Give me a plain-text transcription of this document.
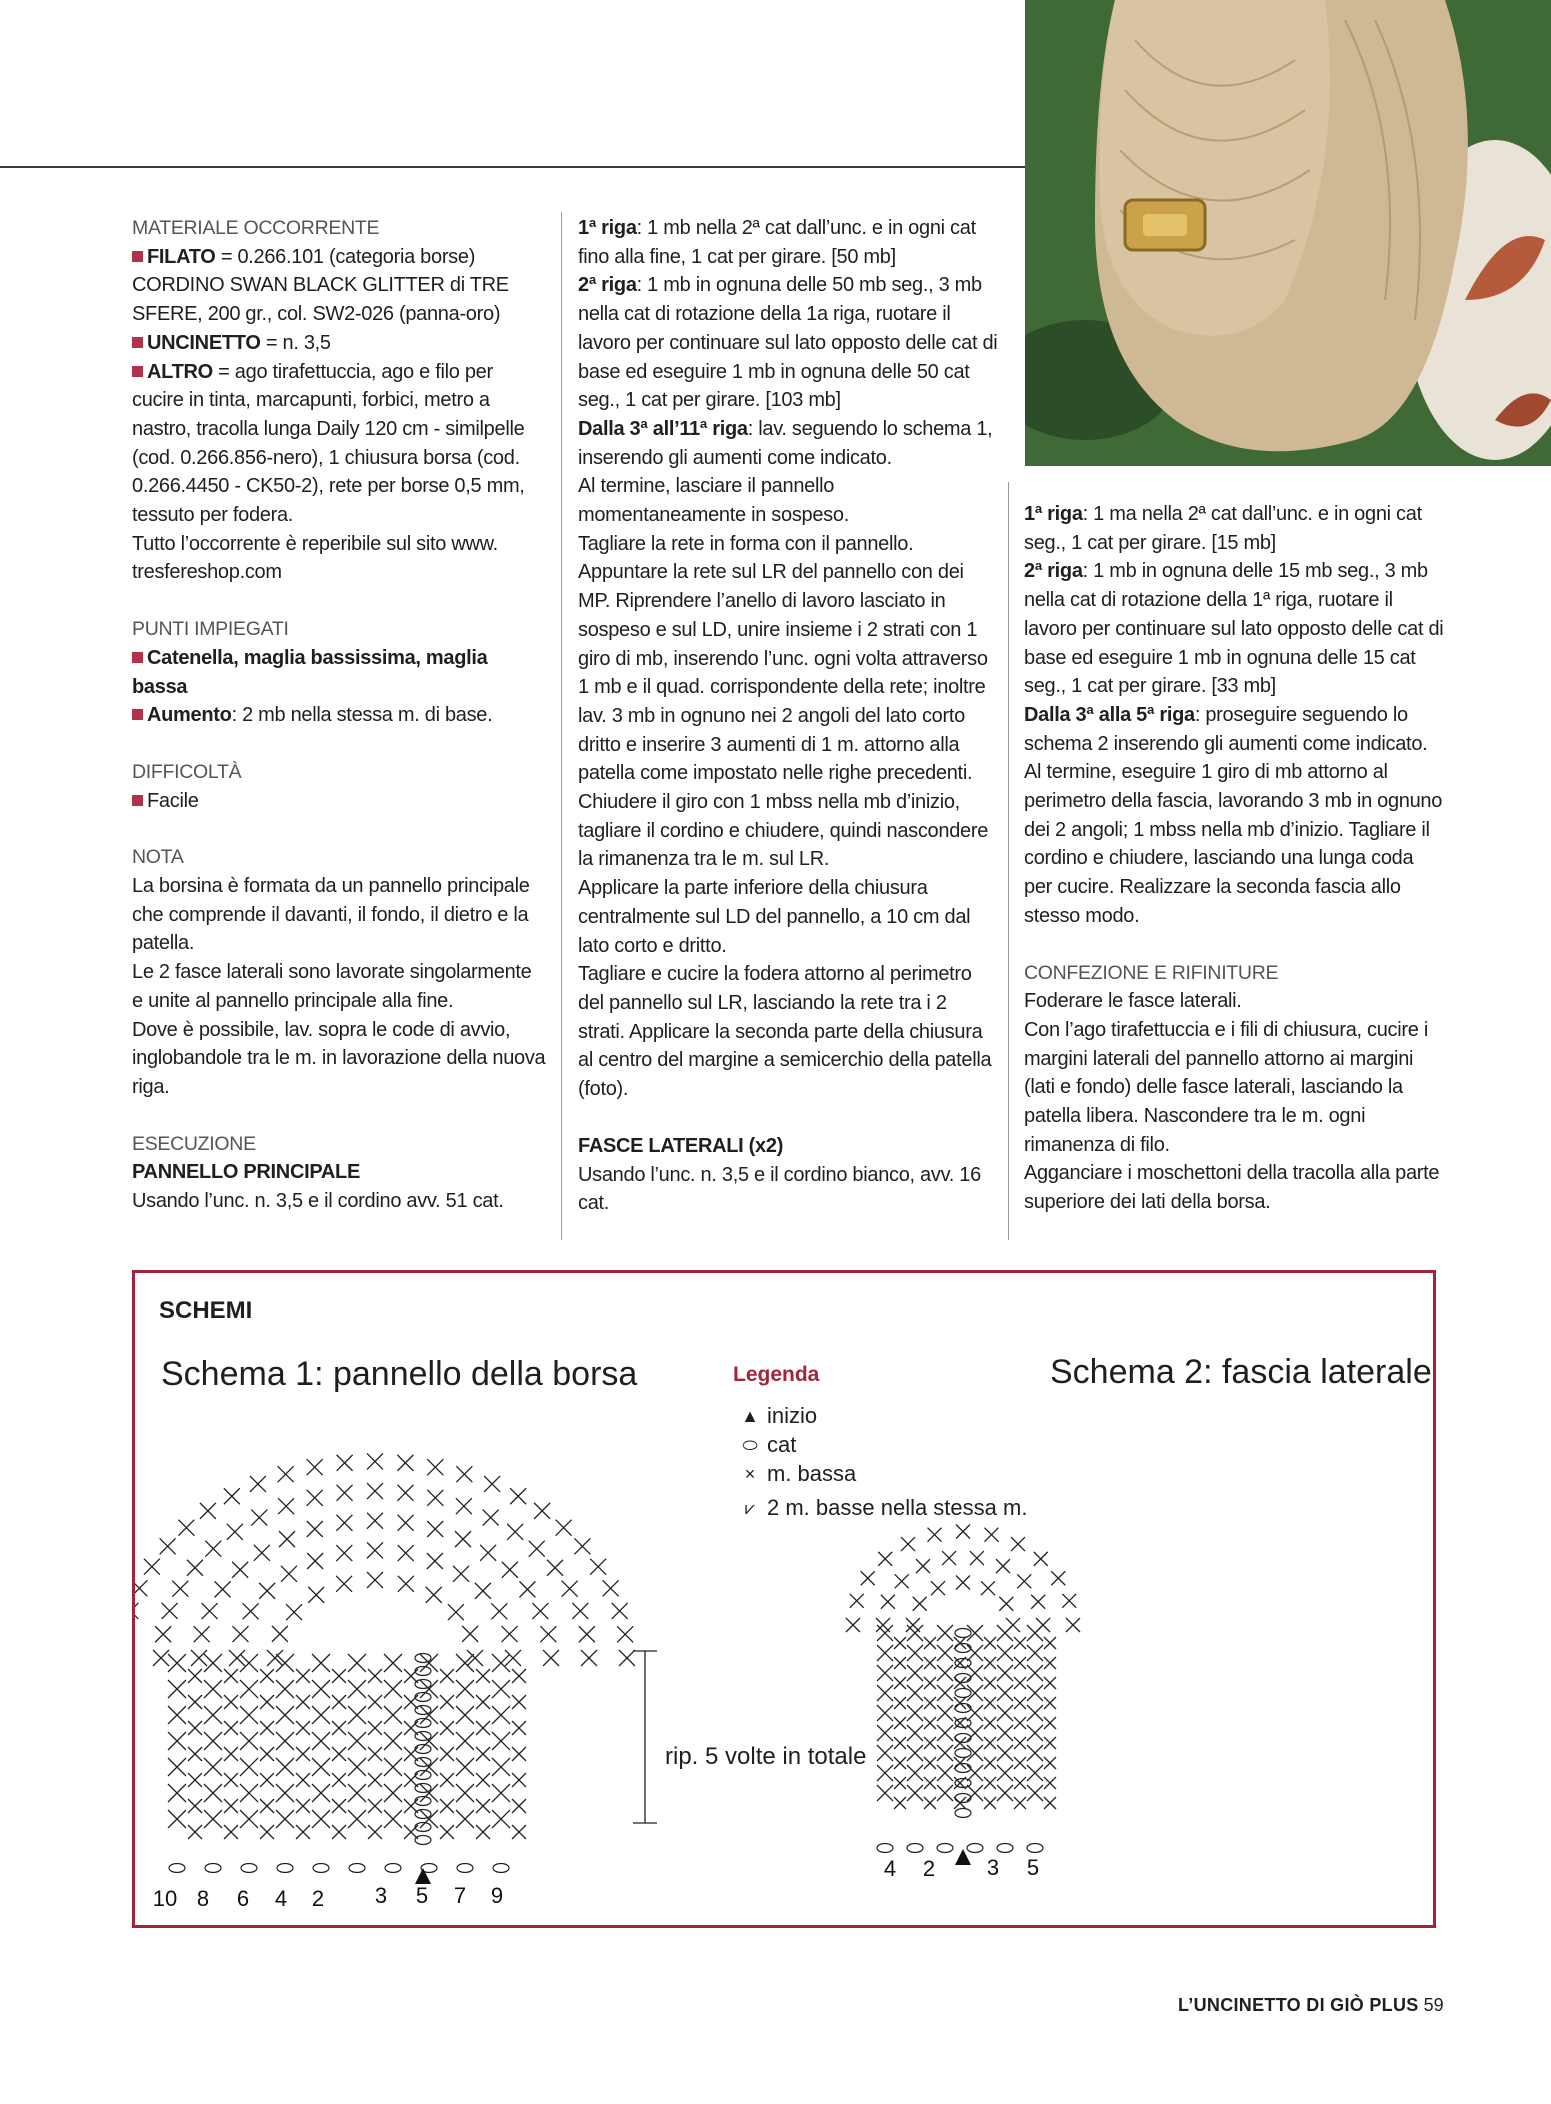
MATERIALE OCCORRENTE

FILATO = 0.266.101 (categoria borse) CORDINO SWAN BLACK GLITTER di TRE SFERE, 200 gr., col. SW2-026 (panna-oro)

UNCINETTO = n. 3,5

ALTRO = ago tirafettuccia, ago e filo per cucire in tinta, marcapunti, forbici, metro a nastro, tracolla lunga Daily 120 cm - similpelle (cod. 0.266.856-nero), 1 chiusura borsa (cod. 0.266.4450 - CK50-2), rete per borse 0,5 mm, tessuto per fodera.

Tutto l’occorrente è reperibile sul sito www. tresfereshop.com

PUNTI IMPIEGATI

Catenella, maglia bassissima, maglia bassa

Aumento: 2 mb nella stessa m. di base.

DIFFICOLTÀ

Facile

NOTA

La borsina è formata da un pannello principale che comprende il davanti, il fondo, il dietro e la patella.

Le 2 fasce laterali sono lavorate singolarmente e unite al pannello principale alla fine.

Dove è possibile, lav. sopra le code di avvio, inglobandole tra le m. in lavorazione della nuova riga.

ESECUZIONE

PANNELLO PRINCIPALE

Usando l’unc. n. 3,5 e il cordino avv. 51 cat.

1ª riga: 1 mb nella 2ª cat dall’unc. e in ogni cat fino alla fine, 1 cat per girare. [50 mb]

2ª riga: 1 mb in ognuna delle 50 mb seg., 3 mb nella cat di rotazione della 1a riga, ruotare il lavoro per continuare sul lato opposto delle cat di base ed eseguire 1 mb in ognuna delle 50 cat seg., 1 cat per girare. [103 mb]

Dalla 3ª all’11ª riga: lav. seguendo lo schema 1, inserendo gli aumenti come indicato.

Al termine, lasciare il pannello momentaneamente in sospeso.

Tagliare la rete in forma con il pannello. Appuntare la rete sul LR del pannello con dei MP. Riprendere l’anello di lavoro lasciato in sospeso e sul LD, unire insieme i 2 strati con 1 giro di mb, inserendo l’unc. ogni volta attraverso 1 mb e il quad. corrispondente della rete; inoltre lav. 3 mb in ognuno nei 2 angoli del lato corto dritto e inserire 3 aumenti di 1 m. attorno alla patella come impostato nelle righe precedenti.

Chiudere il giro con 1 mbss nella mb d’inizio, tagliare il cordino e chiudere, quindi nascondere la rimanenza tra le m. sul LR.

Applicare la parte inferiore della chiusura centralmente sul LD del pannello, a 10 cm dal lato corto e dritto.

Tagliare e cucire la fodera attorno al perimetro del pannello sul LR, lasciando la rete tra i 2 strati. Applicare la seconda parte della chiusura al centro del margine a semicerchio della patella (foto).

FASCE LATERALI (x2)

Usando l’unc. n. 3,5 e il cordino bianco, avv. 16 cat.

1ª riga: 1 ma nella 2ª cat dall’unc. e in ogni cat seg., 1 cat per girare. [15 mb]

2ª riga: 1 mb in ognuna delle 15 mb seg., 3 mb nella cat di rotazione della 1ª riga, ruotare il lavoro per continuare sul lato opposto delle cat di base ed eseguire 1 mb in ognuna delle 15 cat seg., 1 cat per girare. [33 mb]

Dalla 3ª alla 5ª riga: proseguire seguendo lo schema 2 inserendo gli aumenti come indicato.

Al termine, eseguire 1 giro di mb attorno al perimetro della fascia, lavorando 3 mb in ognuno dei 2 angoli; 1 mbss nella mb d’inizio. Tagliare il cordino e chiudere, lasciando una lunga coda per cucire. Realizzare la seconda fascia allo stesso modo.

CONFEZIONE E RIFINITURE

Foderare le fasce laterali.

Con l’ago tirafettuccia e i fili di chiusura, cucire i margini laterali del pannello attorno ai margini (lati e fondo) delle fasce laterali, lasciando la patella libera. Nascondere tra le m. ogni rimanenza di filo.

Agganciare i moschettoni della tracolla alla parte superiore dei lati della borsa.

10 8 6 4 2 3 5 7 9
4 2 3 5
SCHEMI
Schema 1: pannello della borsa	Schema 2: fascia laterale
Legenda
▲ inizio
⬭ cat
× m. bassa
⩗ 2 m. basse nella stessa m.
rip. 5 volte in totale
L’UNCINETTO DI GIÒ PLUS 59
